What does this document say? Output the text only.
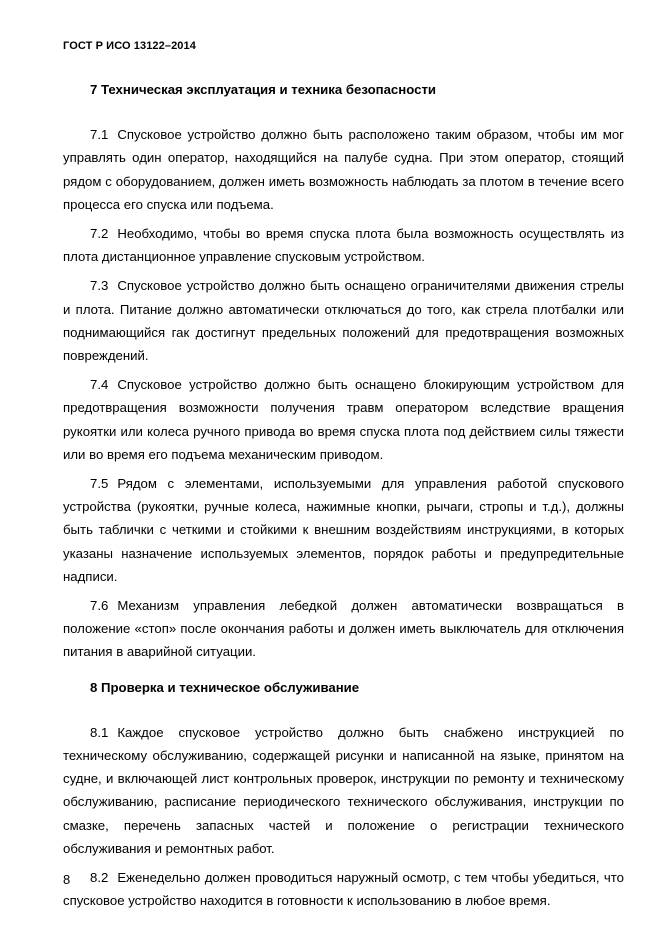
ГОСТ Р ИСО 13122–2014

7 Техническая эксплуатация и техника безопасности

7.1 Спусковое устройство должно быть расположено таким образом, чтобы им мог управлять один оператор, находящийся на палубе судна. При этом оператор, стоящий рядом с оборудованием, должен иметь возможность наблюдать за плотом в течение всего процесса его спуска или подъема.

7.2 Необходимо, чтобы во время спуска плота была возможность осуществлять из плота дистанционное управление спусковым устройством.

7.3 Спусковое устройство должно быть оснащено ограничителями движения стрелы и плота. Питание должно автоматически отключаться до того, как стрела плотбалки или поднимающийся гак достигнут предельных положений для предотвращения возможных повреждений.

7.4 Спусковое устройство должно быть оснащено блокирующим устройством для предотвращения возможности получения травм оператором вследствие вращения рукоятки или колеса ручного привода во время спуска плота под действием силы тяжести или во время его подъема механическим приводом.

7.5 Рядом с элементами, используемыми для управления работой спускового устройства (рукоятки, ручные колеса, нажимные кнопки, рычаги, стропы и т.д.), должны быть таблички с четкими и стойкими к внешним воздействиям инструкциями, в которых указаны назначение используемых элементов, порядок работы и предупредительные надписи.

7.6 Механизм управления лебедкой должен автоматически возвращаться в положение «стоп» после окончания работы и должен иметь выключатель для отключения питания в аварийной ситуации.

8 Проверка и техническое обслуживание

8.1 Каждое спусковое устройство должно быть снабжено инструкцией по техническому обслуживанию, содержащей рисунки и написанной на языке, принятом на судне, и включающей лист контрольных проверок, инструкции по ремонту и техническому обслуживанию, расписание периодического технического обслуживания, инструкции по смазке, перечень запасных частей и положение о регистрации технического обслуживания и ремонтных работ.

8.2 Еженедельно должен проводиться наружный осмотр, с тем чтобы убедиться, что спусковое устройство находится в готовности к использованию в любое время.

8
